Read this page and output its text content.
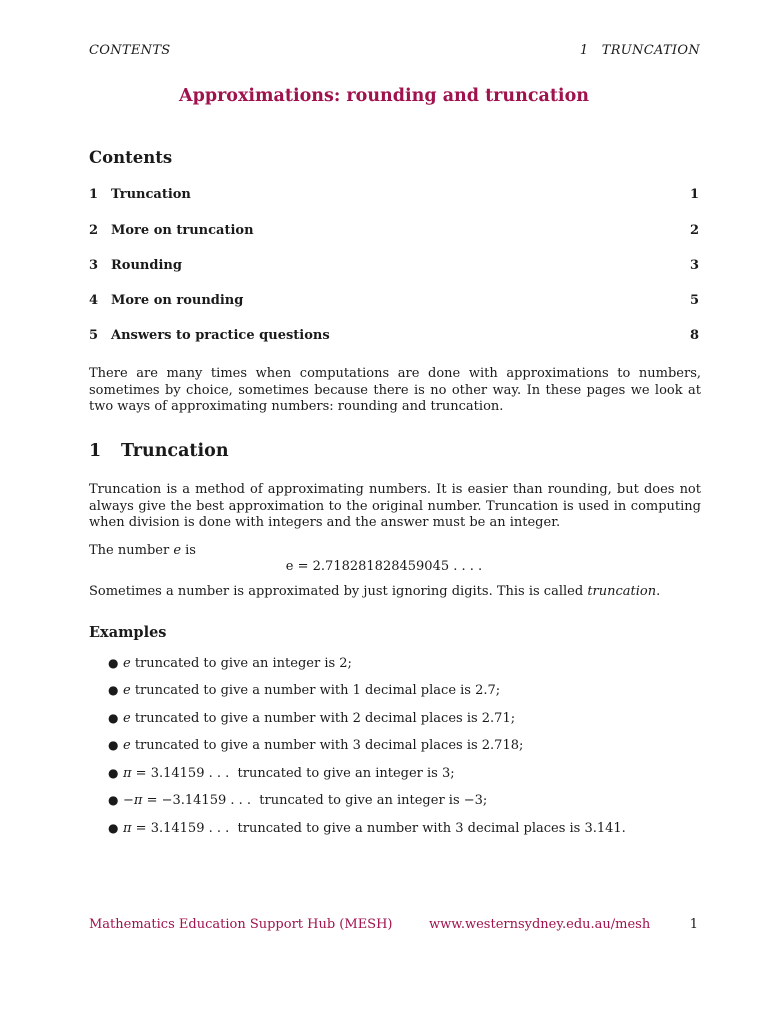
CONTENTS	1   TRUNCATION
Approximations: rounding and truncation
Contents
1 Truncation	1
2 More on truncation	2
3 Rounding	3
4 More on rounding	5
5 Answers to practice questions	8
There are many times when computations are done with approximations to numbers, sometimes by choice, sometimes because there is no other way. In these pages we look at two ways of approximating numbers: rounding and truncation.
1 Truncation
Truncation is a method of approximating numbers. It is easier than rounding, but does not always give the best approximation to the original number. Truncation is used in computing when division is done with integers and the answer must be an integer.
The number e is
e = 2.718281828459045 . . . .
Sometimes a number is approximated by just ignoring digits. This is called truncation.
Examples
● e truncated to give an integer is 2;
● e truncated to give a number with 1 decimal place is 2.7;
● e truncated to give a number with 2 decimal places is 2.71;
● e truncated to give a number with 3 decimal places is 2.718;
● π = 3.14159 . . .  truncated to give an integer is 3;
● −π = −3.14159 . . .  truncated to give an integer is −3;
● π = 3.14159 . . .  truncated to give a number with 3 decimal places is 3.141.
Mathematics Education Support Hub (MESH)	www.westernsydney.edu.au/mesh	1
